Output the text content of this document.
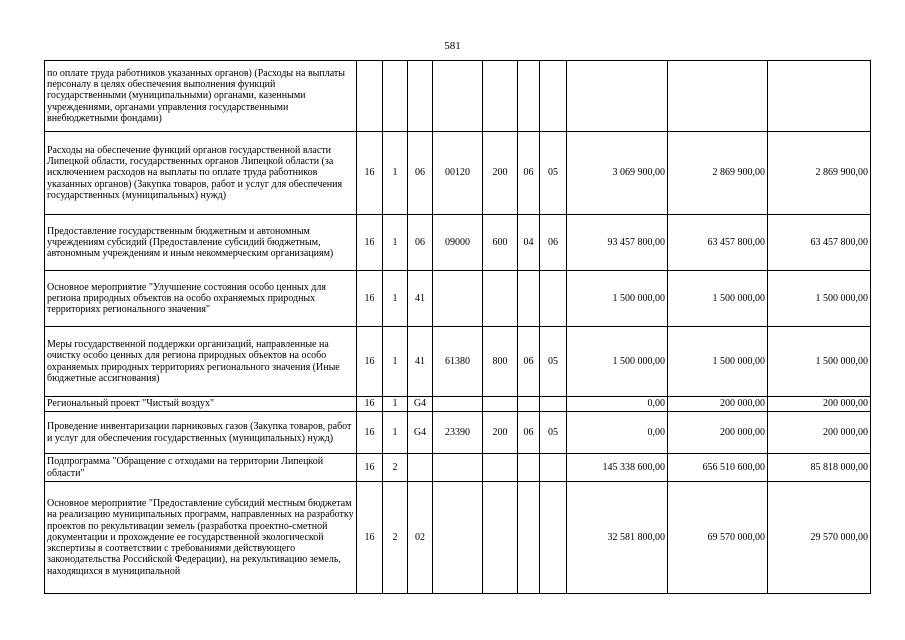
581
по оплате труда работников указанных органов) (Расходы на выплаты персоналу в целях обеспечения выполнения функций государственными (муниципальными) органами, казенными учреждениями, органами управления государственными внебюджетными фондами)										
Расходы на обеспечение функций органов государственной власти Липецкой области, государственных органов Липецкой области (за исключением расходов на выплаты по оплате труда работников указанных органов) (Закупка товаров, работ и услуг для обеспечения государственных (муниципальных) нужд)	16	1	06	00120	200	06	05	3 069 900,00	2 869 900,00	2 869 900,00
Предоставление государственным бюджетным и автономным учреждениям субсидий (Предоставление субсидий бюджетным, автономным учреждениям и иным некоммерческим организациям)	16	1	06	09000	600	04	06	93 457 800,00	63 457 800,00	63 457 800,00
Основное мероприятие "Улучшение состояния особо ценных для региона природных объектов на особо охраняемых природных территориях регионального значения"	16	1	41					1 500 000,00	1 500 000,00	1 500 000,00
Меры государственной поддержки организаций, направленные на очистку особо ценных для региона природных объектов на особо охраняемых природных территориях регионального значения (Иные бюджетные ассигнования)	16	1	41	61380	800	06	05	1 500 000,00	1 500 000,00	1 500 000,00
Региональный проект "Чистый воздух"	16	1	G4					0,00	200 000,00	200 000,00
Проведение инвентаризации парниковых газов (Закупка товаров, работ и услуг для обеспечения государственных (муниципальных) нужд)	16	1	G4	23390	200	06	05	0,00	200 000,00	200 000,00
Подпрограмма "Обращение с отходами на территории Липецкой области"	16	2						145 338 600,00	656 510 600,00	85 818 000,00
Основное мероприятие "Предоставление субсидий местным бюджетам на реализацию муниципальных программ, направленных на разработку проектов по рекультивации земель (разработка проектно-сметной документации и прохождение ее государственной экологической экспертизы в соответствии с требованиями действующего законодательства Российской Федерации), на рекультивацию земель, находящихся в муниципальной	16	2	02					32 581 800,00	69 570 000,00	29 570 000,00
